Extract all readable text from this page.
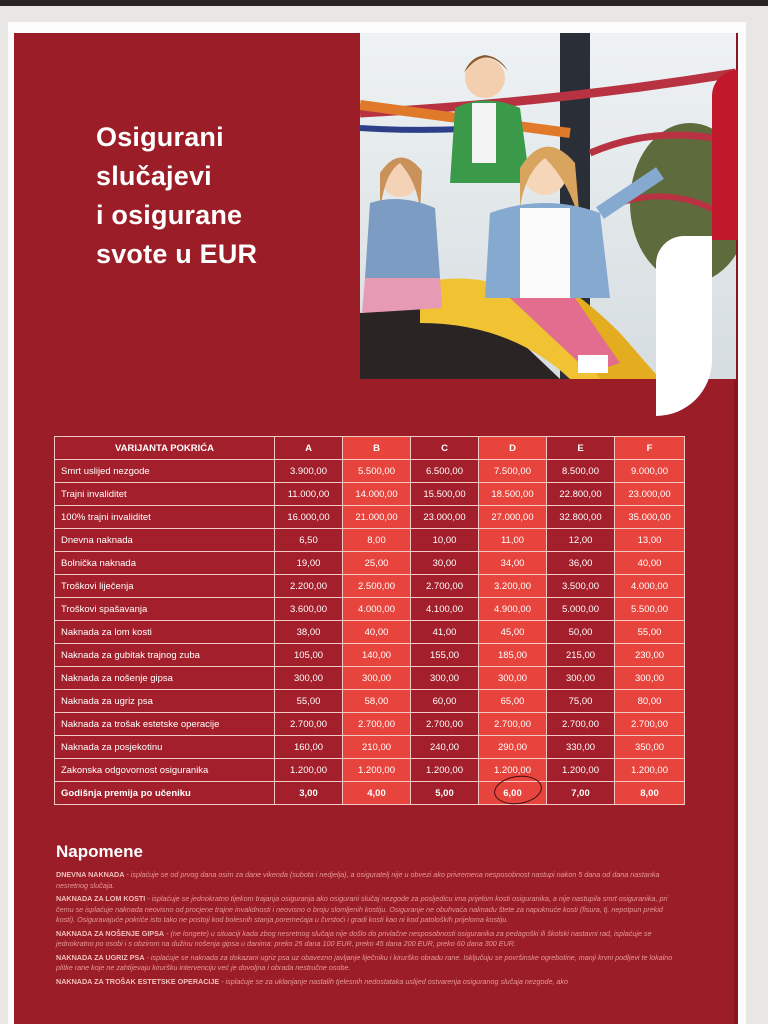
Osigurani
slučajevi
i osigurane
svote u EUR
VARIJANTA POKRIĆA	A	B	C	D	E	F
Smrt uslijed nezgode	3.900,00	5.500,00	6.500,00	7.500,00	8.500,00	9.000,00
Trajni invaliditet	11.000,00	14.000,00	15.500,00	18.500,00	22.800,00	23.000,00
100% trajni invaliditet	16.000,00	21.000,00	23.000,00	27.000,00	32.800,00	35.000,00
Dnevna naknada	6,50	8,00	10,00	11,00	12,00	13,00
Bolnička naknada	19,00	25,00	30,00	34,00	36,00	40,00
Troškovi liječenja	2.200,00	2.500,00	2.700,00	3.200,00	3.500,00	4.000,00
Troškovi spašavanja	3.600,00	4.000,00	4.100,00	4.900,00	5.000,00	5.500,00
Naknada za lom kosti	38,00	40,00	41,00	45,00	50,00	55,00
Naknada za gubitak trajnog zuba	105,00	140,00	155,00	185,00	215,00	230,00
Naknada za nošenje gipsa	300,00	300,00	300,00	300,00	300,00	300,00
Naknada za ugriz psa	55,00	58,00	60,00	65,00	75,00	80,00
Naknada za trošak estetske operacije	2.700,00	2.700,00	2.700,00	2.700,00	2.700,00	2.700,00
Naknada za posjekotinu	160,00	210,00	240,00	290,00	330,00	350,00
Zakonska odgovornost osiguranika	1.200,00	1.200,00	1.200,00	1.200,00	1.200,00	1.200,00
Godišnja premija po učeniku	3,00	4,00	5,00	6,00	7,00	8,00
Napomene
DNEVNA NAKNADA - isplaćuje se od prvog dana osim za dane vikenda (subota i nedjelja), a osiguratelj nije u obvezi ako privremena nesposobnost nastupi nakon 5 dana od dana nastanka nesretnog slučaja.
NAKNADA ZA LOM KOSTI - isplaćuje se jednokratno tijekom trajanja osiguranja ako osigurani slučaj nezgode za posljedicu ima prijelom kosti osiguranika, a nije nastupila smrt osiguranika, pri čemu se isplaćuje naknada neovisno od procjene trajne invalidnosti i neovisno o broju slomljenih kostiju. Osiguranje ne obuhvaća naknadu štete za napuknuće kosti (fisura, tj. nepotpun prekid kosti). Osiguravajuće pokriće isto tako ne postoji kod bolesnih stanja poremećaja u čvrstoći i gradi kosti kao ni kod patoloških prijeloma kostiju.
NAKNADA ZA NOŠENJE GIPSA - (ne longete) u situaciji kada zbog nesretnog slučaja nije došlo do privlačne nesposobnosti osiguranika za pedagoški ili školski nastavni rad, isplaćuje se jednokratno po osobi i s obzirom na dužinu nošenja gipsa u danima: preko 25 dana 100 EUR, preko 45 dana 200 EUR, preko 60 dana 300 EUR.
NAKNADA ZA UGRIZ PSA - isplaćuje se naknada za dokazani ugriz psa uz obavezno javljanje liječniku i kirurško obradu rane. Isključuju se površinske ogrebotine, manji krvni podljevi te lokalno plitke rane koje ne zahtijevaju kiruršku intervenciju već je dovoljna i obrada nestručne osobe.
NAKNADA ZA TROŠAK ESTETSKE OPERACIJE - isplaćuje se za uklanjanje nastalih tjelesnih nedostataka uslijed ostvarenja osiguranog slučaja nezgode, ako
